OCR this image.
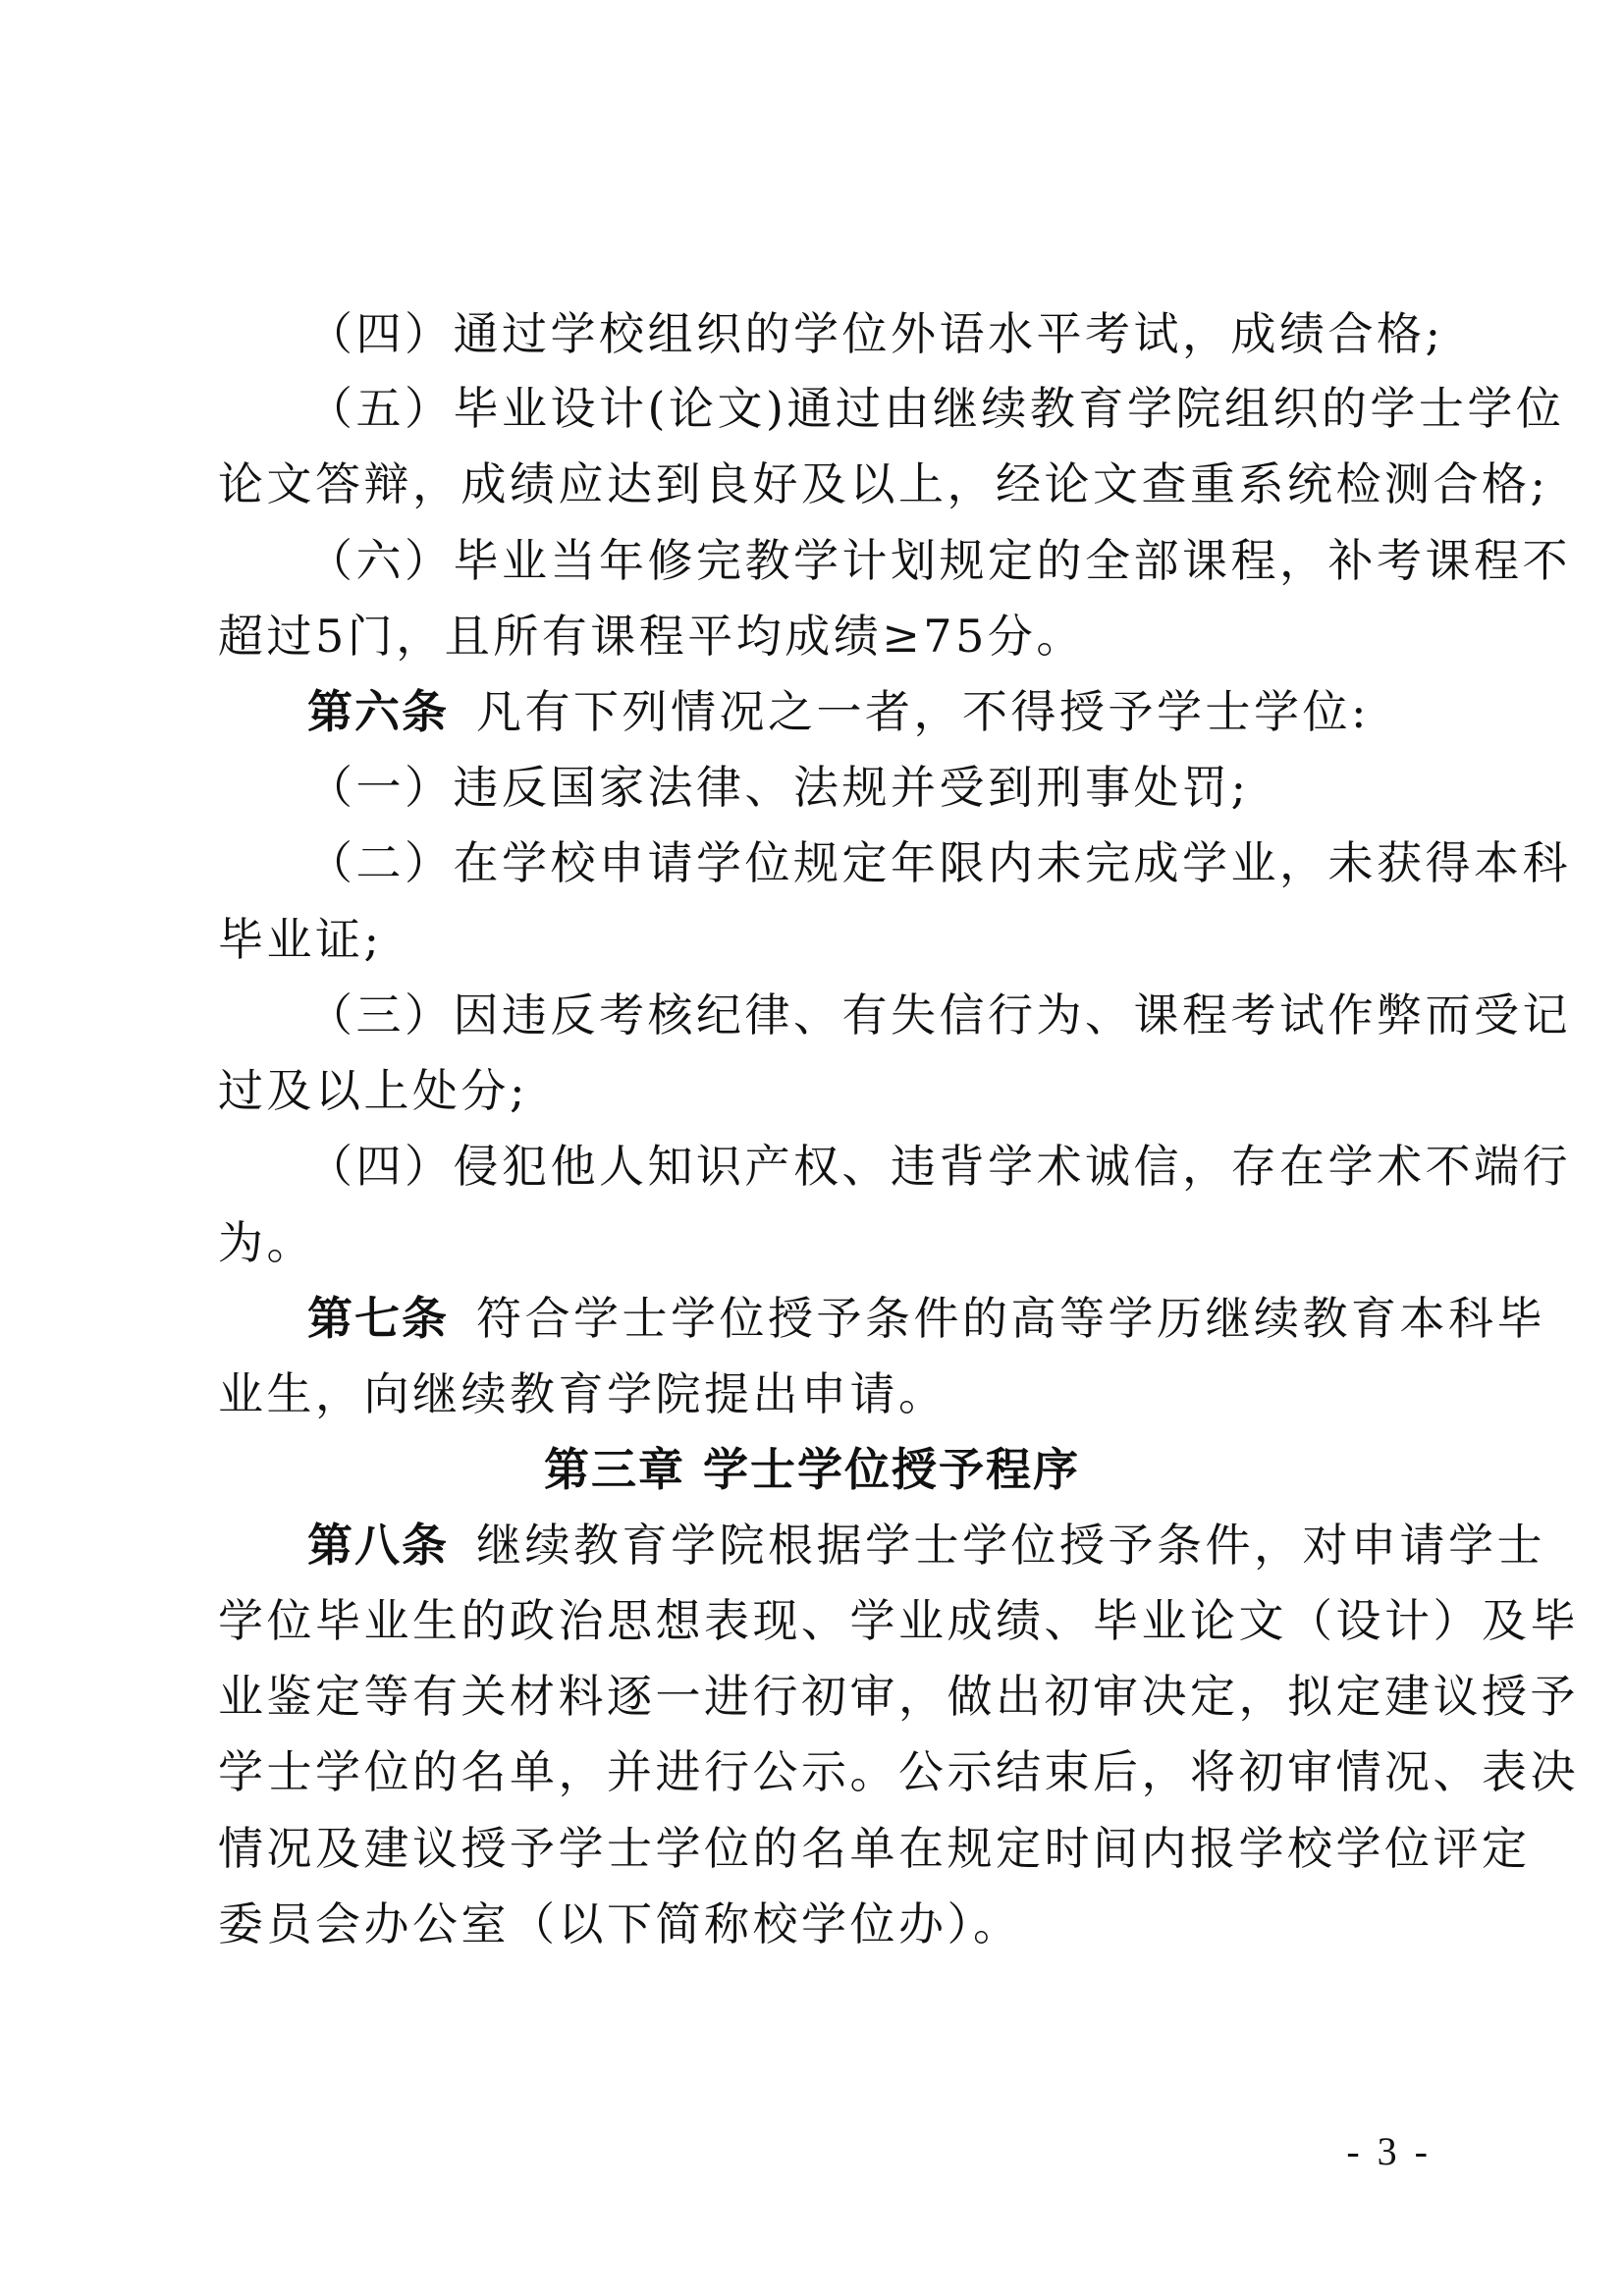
（四）通过学校组织的学位外语水平考试，成绩合格;
（五）毕业设计(论文)通过由继续教育学院组织的学士学位
论文答辩，成绩应达到良好及以上，经论文查重系统检测合格;
（六）毕业当年修完教学计划规定的全部课程，补考课程不
超过5门，且所有课程平均成绩≥75分。
第六条 凡有下列情况之一者，不得授予学士学位:
（一）违反国家法律、法规并受到刑事处罚;
（二）在学校申请学位规定年限内未完成学业，未获得本科
毕业证;
（三）因违反考核纪律、有失信行为、课程考试作弊而受记
过及以上处分;
（四）侵犯他人知识产权、违背学术诚信，存在学术不端行
为。
第七条 符合学士学位授予条件的高等学历继续教育本科毕
业生，向继续教育学院提出申请。
第三章 学士学位授予程序
第八条 继续教育学院根据学士学位授予条件，对申请学士
学位毕业生的政治思想表现、学业成绩、毕业论文（设计）及毕
业鉴定等有关材料逐一进行初审，做出初审决定，拟定建议授予
学士学位的名单，并进行公示。公示结束后，将初审情况、表决
情况及建议授予学士学位的名单在规定时间内报学校学位评定
委员会办公室（以下简称校学位办）。
- 3 -
